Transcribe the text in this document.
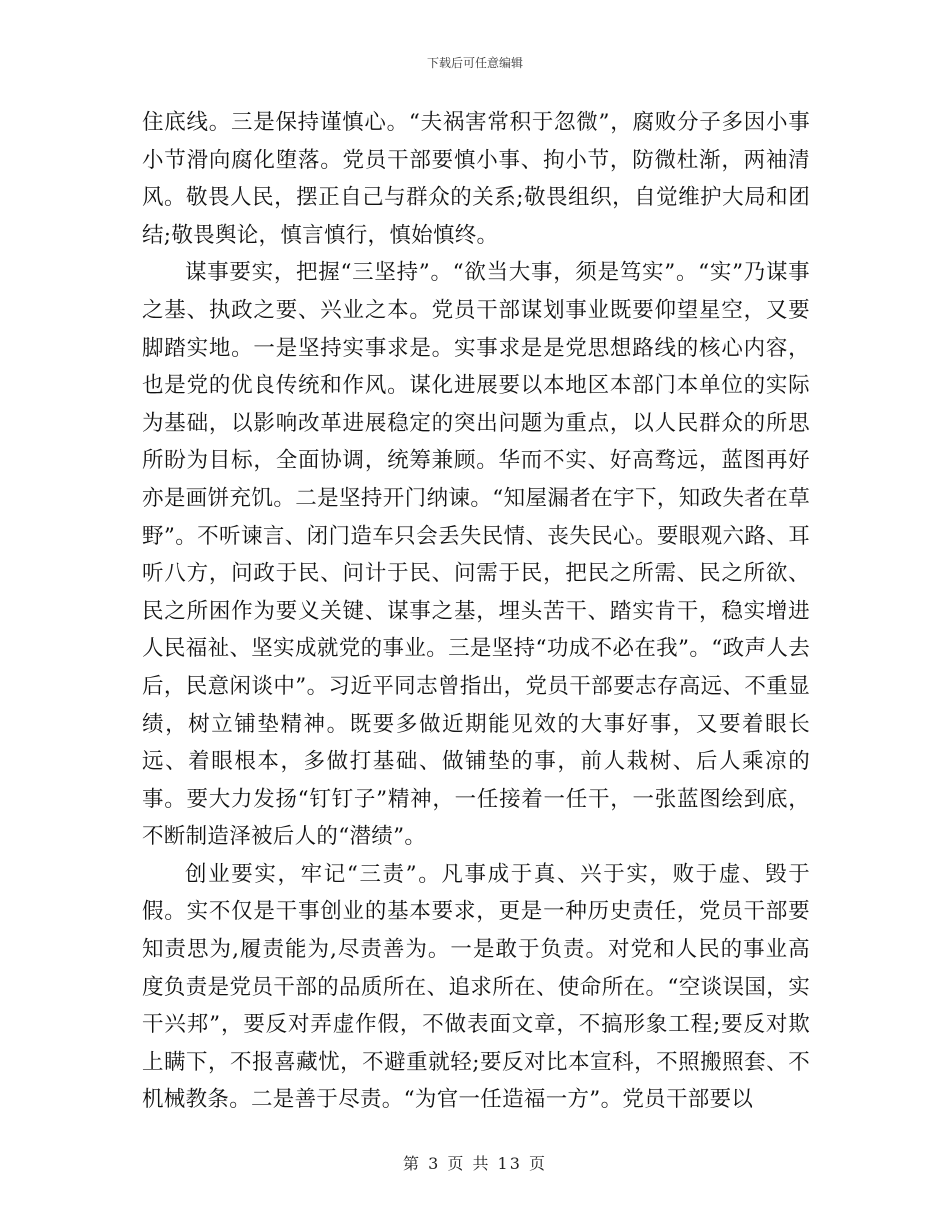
下载后可任意编辑

住底线。三是保持谨慎心。“夫祸害常积于忽微”，腐败分子多因小事小节滑向腐化堕落。党员干部要慎小事、拘小节，防微杜渐，两袖清风。敬畏人民，摆正自己与群众的关系;敬畏组织，自觉维护大局和团结;敬畏舆论，慎言慎行，慎始慎终。

谋事要实，把握“三坚持”。“欲当大事，须是笃实”。“实”乃谋事之基、执政之要、兴业之本。党员干部谋划事业既要仰望星空，又要脚踏实地。一是坚持实事求是。实事求是是党思想路线的核心内容，也是党的优良传统和作风。谋化进展要以本地区本部门本单位的实际为基础，以影响改革进展稳定的突出问题为重点，以人民群众的所思所盼为目标，全面协调，统筹兼顾。华而不实、好高骛远，蓝图再好亦是画饼充饥。二是坚持开门纳谏。“知屋漏者在宇下，知政失者在草野”。不听谏言、闭门造车只会丢失民情、丧失民心。要眼观六路、耳听八方，问政于民、问计于民、问需于民，把民之所需、民之所欲、民之所困作为要义关键、谋事之基，埋头苦干、踏实肯干，稳实增进人民福祉、坚实成就党的事业。三是坚持“功成不必在我”。“政声人去后，民意闲谈中”。习近平同志曾指出，党员干部要志存高远、不重显绩，树立铺垫精神。既要多做近期能见效的大事好事，又要着眼长远、着眼根本，多做打基础、做铺垫的事，前人栽树、后人乘凉的事。要大力发扬“钉钉子”精神，一任接着一任干，一张蓝图绘到底，不断制造泽被后人的“潜绩”。

创业要实，牢记“三责”。凡事成于真、兴于实，败于虚、毁于假。实不仅是干事创业的基本要求，更是一种历史责任，党员干部要知责思为,履责能为,尽责善为。一是敢于负责。对党和人民的事业高度负责是党员干部的品质所在、追求所在、使命所在。“空谈误国，实干兴邦”，要反对弄虚作假，不做表面文章，不搞形象工程;要反对欺上瞒下，不报喜藏忧，不避重就轻;要反对比本宣科，不照搬照套、不机械教条。二是善于尽责。“为官一任造福一方”。党员干部要以

第 3 页 共 13 页
